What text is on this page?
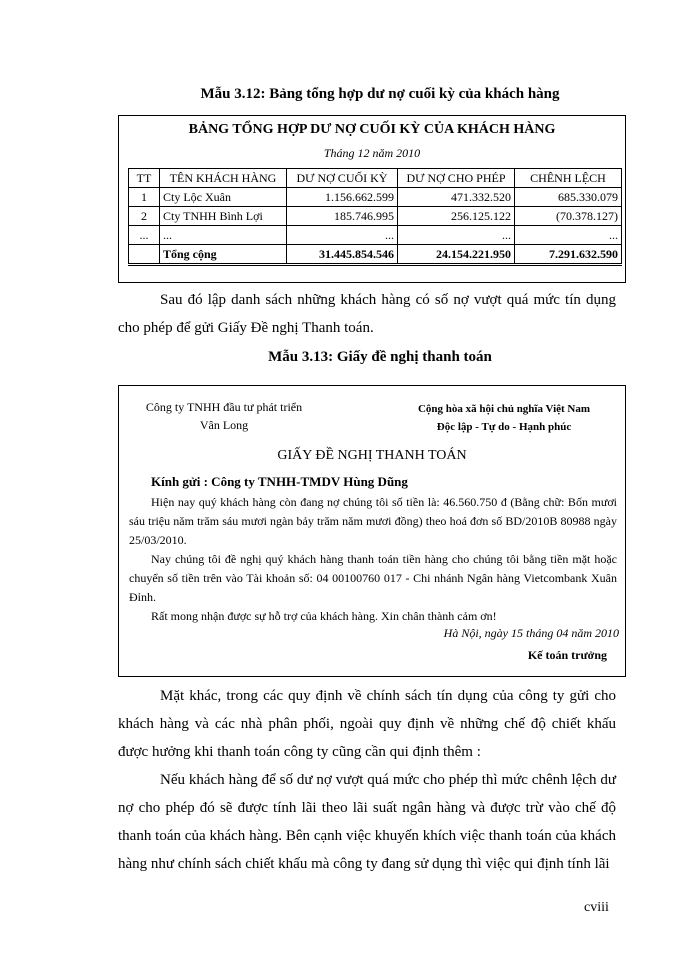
Mẫu 3.12: Bảng tổng hợp dư nợ cuối kỳ của khách hàng
BẢNG TỔNG HỢP DƯ NỢ CUỐI KỲ CỦA KHÁCH HÀNG
Tháng 12 năm 2010
TT	TÊN KHÁCH HÀNG	DƯ NỢ CUỐI KỲ	DƯ NỢ CHO PHÉP	CHÊNH LỆCH
1	Cty Lộc Xuân	1.156.662.599	471.332.520	685.330.079
2	Cty TNHH Bình Lợi	185.746.995	256.125.122	(70.378.127)
...	...	...	...	...
	Tổng cộng	31.445.854.546	24.154.221.950	7.291.632.590
Sau đó lập danh sách những khách hàng có số nợ vượt quá mức tín dụng cho phép để gửi Giấy Đề nghị Thanh toán.
Mẫu 3.13: Giấy đề nghị thanh toán
Công ty TNHH đầu tư phát triển
Vân Long
Cộng hòa xã hội chủ nghĩa Việt Nam
Độc lập - Tự do - Hạnh phúc
GIẤY ĐỀ NGHỊ THANH TOÁN
Kính gửi : Công ty TNHH-TMDV Hùng Dũng
Hiện nay quý khách hàng còn đang nợ chúng tôi số tiền là: 46.560.750 đ (Bằng chữ: Bốn mươi sáu triệu năm trăm sáu mươi ngàn bảy trăm năm mươi đồng) theo hoá đơn số BD/2010B 80988 ngày 25/03/2010.
Nay chúng tôi đề nghị quý khách hàng thanh toán tiền hàng cho chúng tôi bằng tiền mặt hoặc chuyển số tiền trên vào Tài khoản số: 04 00100760 017 - Chi nhánh Ngân hàng Vietcombank Xuân Đỉnh.
Rất mong nhận được sự hỗ trợ của khách hàng. Xin chân thành cảm ơn!
Hà Nội, ngày 15 tháng 04 năm 2010
Kế toán trưởng
Mặt khác, trong các quy định về chính sách tín dụng của công ty gửi cho khách hàng và các nhà phân phối, ngoài quy định về những chế độ chiết khấu được hưởng khi thanh toán công ty cũng cần qui định thêm :
Nếu khách hàng để số dư nợ vượt quá mức cho phép thì mức chênh lệch dư nợ cho phép đó sẽ được tính lãi theo lãi suất ngân hàng và được trừ vào chế độ thanh toán của khách hàng. Bên cạnh việc khuyến khích việc thanh toán của khách hàng như chính sách chiết khấu mà công ty đang sử dụng thì việc qui định tính lãi
cviii
